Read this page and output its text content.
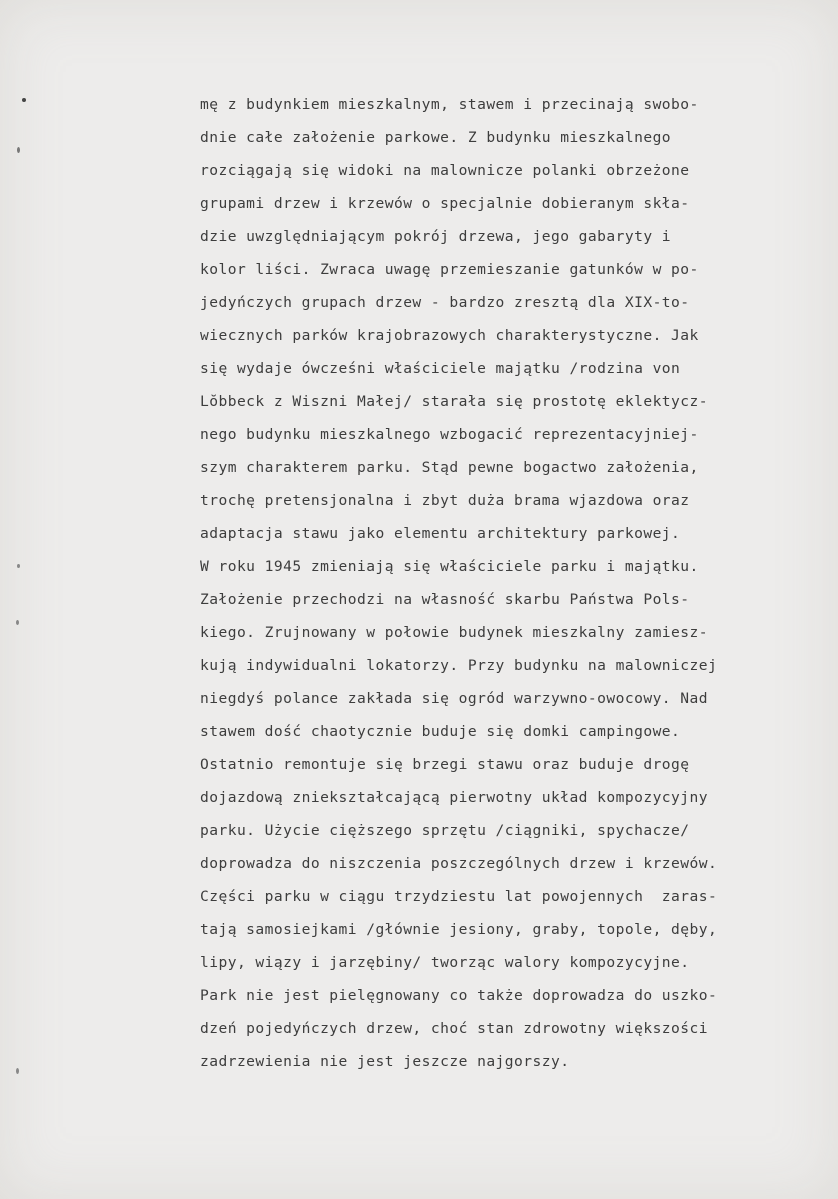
mę z budynkiem mieszkalnym, stawem i przecinają swobo-
dnie całe założenie parkowe. Z budynku mieszkalnego
rozciągają się widoki na malownicze polanki obrzeżone
grupami drzew i krzewów o specjalnie dobieranym skła-
dzie uwzględniającym pokrój drzewa, jego gabaryty i
kolor liści. Zwraca uwagę przemieszanie gatunków w po-
jedyńczych grupach drzew - bardzo zresztą dla XIX-to-
wiecznych parków krajobrazowych charakterystyczne. Jak
się wydaje ówcześni właściciele majątku /rodzina von
Lŏbbeck z Wiszni Małej/ starała się prostotę eklektycz-
nego budynku mieszkalnego wzbogacić reprezentacyjniej-
szym charakterem parku. Stąd pewne bogactwo założenia,
trochę pretensjonalna i zbyt duża brama wjazdowa oraz
adaptacja stawu jako elementu architektury parkowej.
W roku 1945 zmieniają się właściciele parku i majątku.
Założenie przechodzi na własność skarbu Państwa Pols-
kiego. Zrujnowany w połowie budynek mieszkalny zamiesz-
kują indywidualni lokatorzy. Przy budynku na malowniczej
niegdyś polance zakłada się ogród warzywno-owocowy. Nad
stawem dość chaotycznie buduje się domki campingowe.
Ostatnio remontuje się brzegi stawu oraz buduje drogę
dojazdową zniekształcającą pierwotny układ kompozycyjny
parku. Użycie cięższego sprzętu /ciągniki, spychacze/
doprowadza do niszczenia poszczególnych drzew i krzewów.
Części parku w ciągu trzydziestu lat powojennych  zaras-
tają samosiejkami /głównie jesiony, graby, topole, dęby,
lipy, wiązy i jarzębiny/ tworząc walory kompozycyjne.
Park nie jest pielęgnowany co także doprowadza do uszko-
dzeń pojedyńczych drzew, choć stan zdrowotny większości
zadrzewienia nie jest jeszcze najgorszy.
